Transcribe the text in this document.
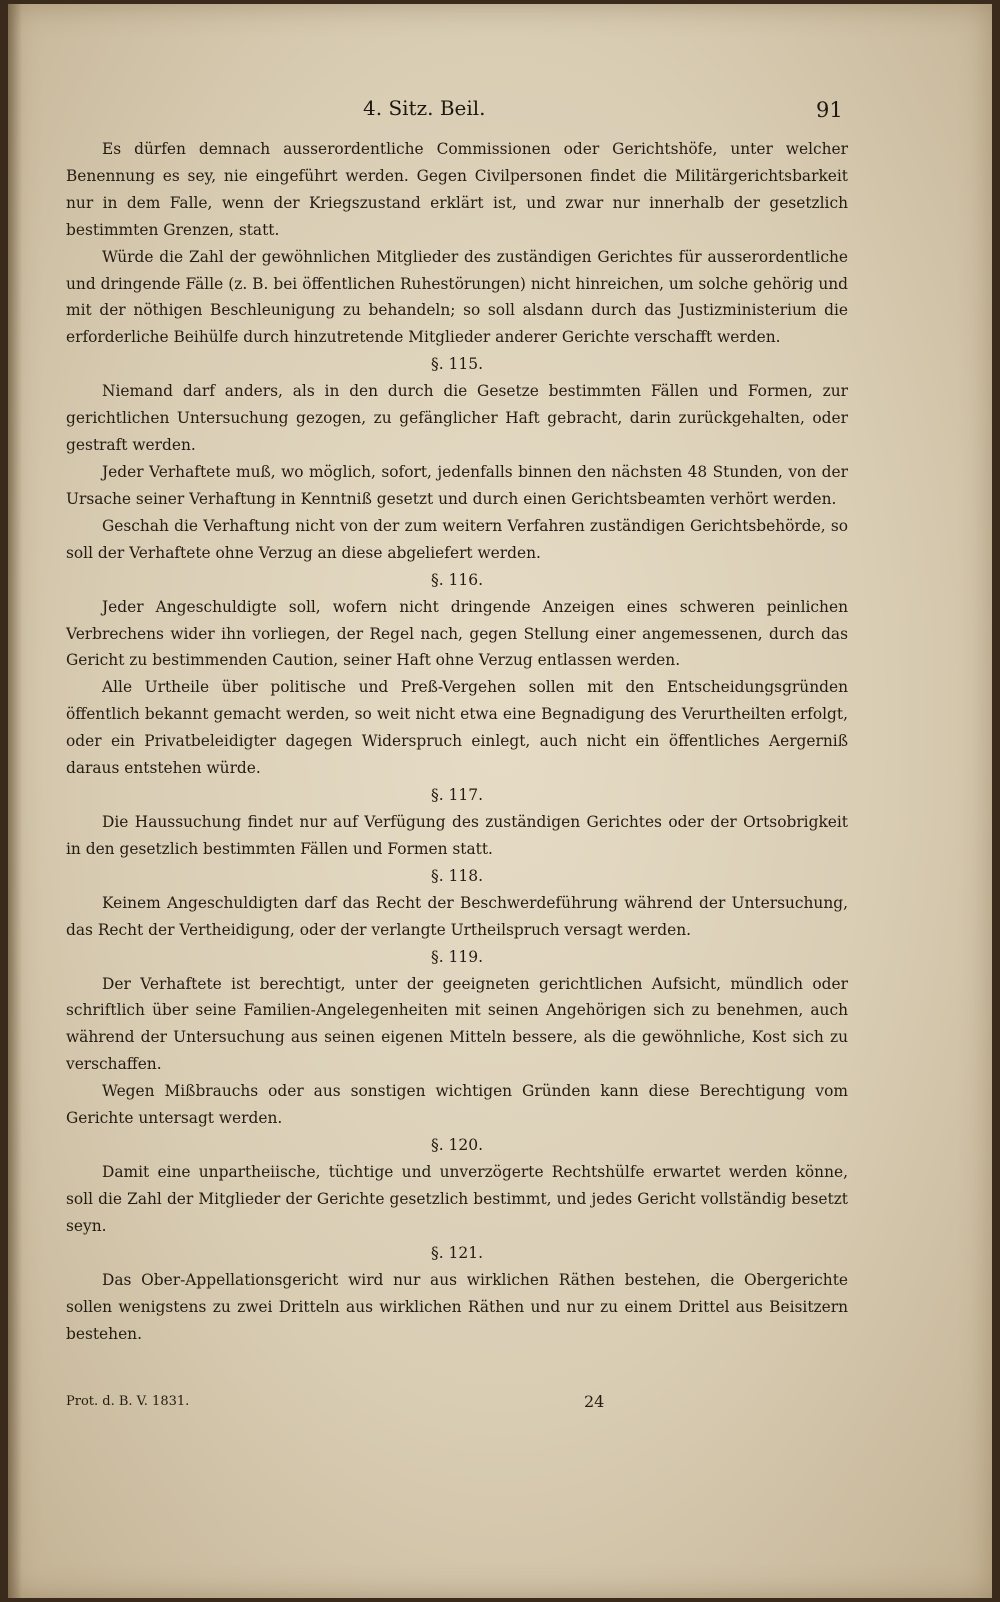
4. Sitz. Beil.	91

Es dürfen demnach ausserordentliche Commissionen oder Gerichtshöfe, unter welcher Benennung es sey, nie eingeführt werden. Gegen Civilpersonen findet die Militärgerichtsbarkeit nur in dem Falle, wenn der Kriegszustand erklärt ist, und zwar nur innerhalb der gesetzlich bestimmten Grenzen, statt.

Würde die Zahl der gewöhnlichen Mitglieder des zuständigen Gerichtes für ausserordentliche und dringende Fälle (z. B. bei öffentlichen Ruhestörungen) nicht hinreichen, um solche gehörig und mit der nöthigen Beschleunigung zu behandeln; so soll alsdann durch das Justizministerium die erforderliche Beihülfe durch hinzutretende Mitglieder anderer Gerichte verschafft werden.

§. 115.

Niemand darf anders, als in den durch die Gesetze bestimmten Fällen und Formen, zur gerichtlichen Untersuchung gezogen, zu gefänglicher Haft gebracht, darin zurückgehalten, oder gestraft werden.

Jeder Verhaftete muß, wo möglich, sofort, jedenfalls binnen den nächsten 48 Stunden, von der Ursache seiner Verhaftung in Kenntniß gesetzt und durch einen Gerichtsbeamten verhört werden.

Geschah die Verhaftung nicht von der zum weitern Verfahren zuständigen Gerichtsbehörde, so soll der Verhaftete ohne Verzug an diese abgeliefert werden.

§. 116.

Jeder Angeschuldigte soll, wofern nicht dringende Anzeigen eines schweren peinlichen Verbrechens wider ihn vorliegen, der Regel nach, gegen Stellung einer angemessenen, durch das Gericht zu bestimmenden Caution, seiner Haft ohne Verzug entlassen werden.

Alle Urtheile über politische und Preß-Vergehen sollen mit den Entscheidungsgründen öffentlich bekannt gemacht werden, so weit nicht etwa eine Begnadigung des Verurtheilten erfolgt, oder ein Privatbeleidigter dagegen Widerspruch einlegt, auch nicht ein öffentliches Aergerniß daraus entstehen würde.

§. 117.

Die Haussuchung findet nur auf Verfügung des zuständigen Gerichtes oder der Ortsobrigkeit in den gesetzlich bestimmten Fällen und Formen statt.

§. 118.

Keinem Angeschuldigten darf das Recht der Beschwerdeführung während der Untersuchung, das Recht der Vertheidigung, oder der verlangte Urtheilspruch versagt werden.

§. 119.

Der Verhaftete ist berechtigt, unter der geeigneten gerichtlichen Aufsicht, mündlich oder schriftlich über seine Familien-Angelegenheiten mit seinen Angehörigen sich zu benehmen, auch während der Untersuchung aus seinen eigenen Mitteln bessere, als die gewöhnliche, Kost sich zu verschaffen.

Wegen Mißbrauchs oder aus sonstigen wichtigen Gründen kann diese Berechtigung vom Gerichte untersagt werden.

§. 120.

Damit eine unpartheiische, tüchtige und unverzögerte Rechtshülfe erwartet werden könne, soll die Zahl der Mitglieder der Gerichte gesetzlich bestimmt, und jedes Gericht vollständig besetzt seyn.

§. 121.

Das Ober-Appellationsgericht wird nur aus wirklichen Räthen bestehen, die Obergerichte sollen wenigstens zu zwei Dritteln aus wirklichen Räthen und nur zu einem Drittel aus Beisitzern bestehen.

Prot. d. B. V. 1831.	24
